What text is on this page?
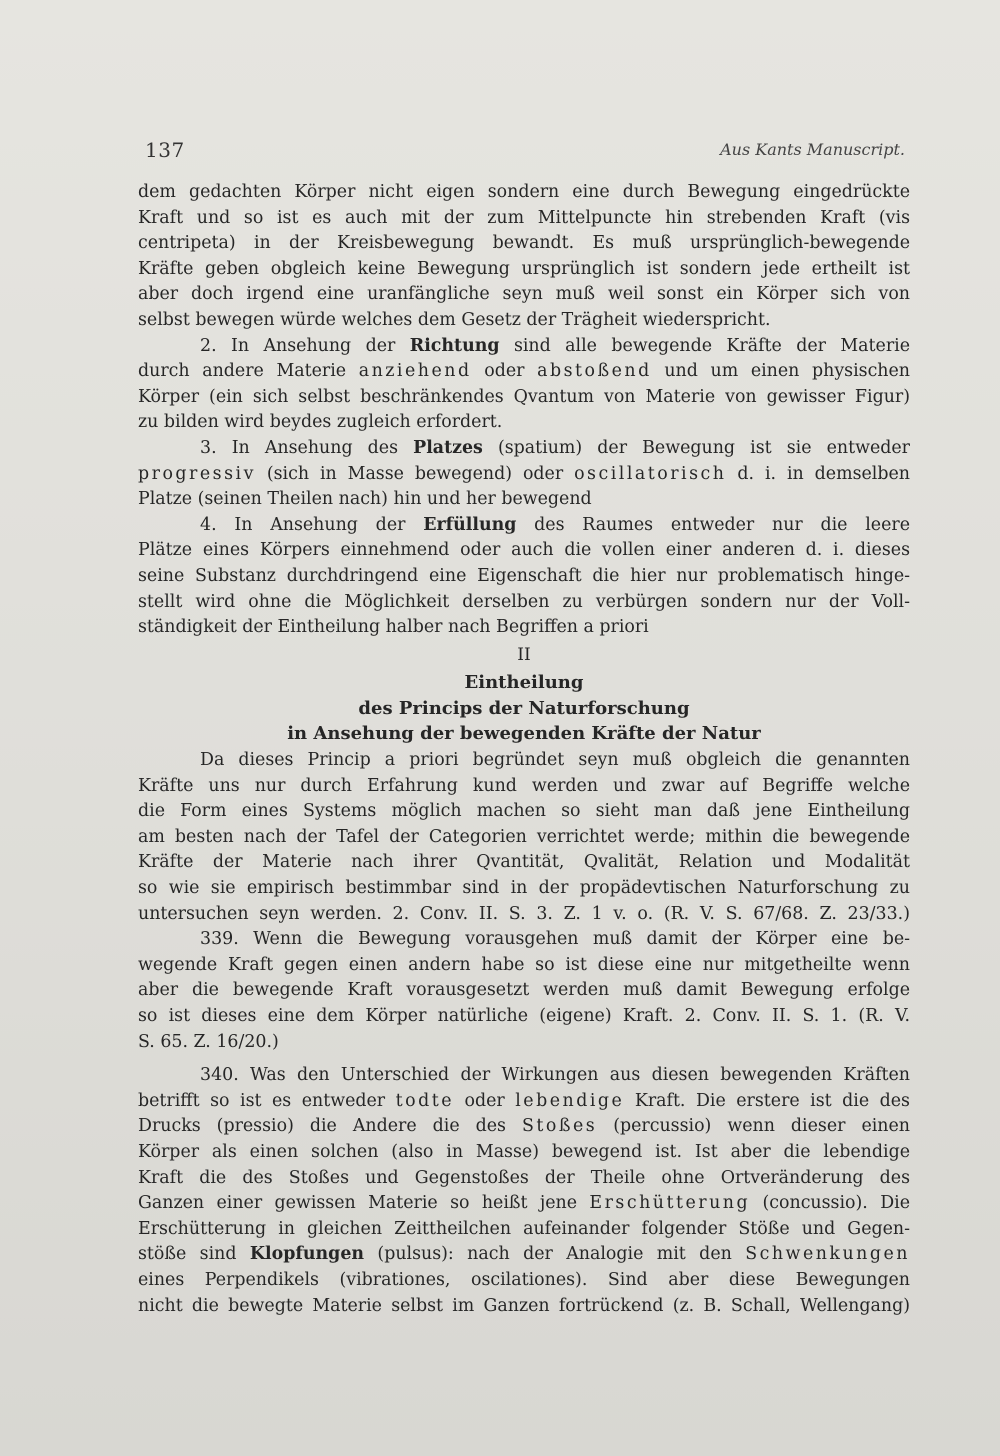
137	Aus Kants Manuscript.

dem gedachten Körper nicht eigen sondern eine durch Bewegung eingedrückte
Kraft und so ist es auch mit der zum Mittelpuncte hin strebenden Kraft (vis
centripeta) in der Kreisbewegung bewandt. Es muß ursprünglich-bewegende
Kräfte geben obgleich keine Bewegung ursprünglich ist sondern jede ertheilt ist
aber doch irgend eine uranfängliche seyn muß weil sonst ein Körper sich von
selbst bewegen würde welches dem Gesetz der Trägheit wiederspricht.

2. In Ansehung der Richtung sind alle bewegende Kräfte der Materie
durch andere Materie anziehend oder abstoßend und um einen physischen
Körper (ein sich selbst beschränkendes Qvantum von Materie von gewisser Figur)
zu bilden wird beydes zugleich erfordert.

3. In Ansehung des Platzes (spatium) der Bewegung ist sie entweder
progressiv (sich in Masse bewegend) oder oscillatorisch d. i. in demselben
Platze (seinen Theilen nach) hin und her bewegend

4. In Ansehung der Erfüllung des Raumes entweder nur die leere
Plätze eines Körpers einnehmend oder auch die vollen einer anderen d. i. dieses
seine Substanz durchdringend eine Eigenschaft die hier nur problematisch hinge-
stellt wird ohne die Möglichkeit derselben zu verbürgen sondern nur der Voll-
ständigkeit der Eintheilung halber nach Begriffen a priori

II
Eintheilung
des Princips der Naturforschung
in Ansehung der bewegenden Kräfte der Natur

Da dieses Princip a priori begründet seyn muß obgleich die genannten
Kräfte uns nur durch Erfahrung kund werden und zwar auf Begriffe welche
die Form eines Systems möglich machen so sieht man daß jene Eintheilung
am besten nach der Tafel der Categorien verrichtet werde; mithin die bewegende
Kräfte der Materie nach ihrer Qvantität, Qvalität, Relation und Modalität
so wie sie empirisch bestimmbar sind in der propädevtischen Naturforschung zu
untersuchen seyn werden. 2. Conv. II. S. 3. Z. 1 v. o. (R. V. S. 67/68. Z. 23/33.)

339. Wenn die Bewegung vorausgehen muß damit der Körper eine be-
wegende Kraft gegen einen andern habe so ist diese eine nur mitgetheilte wenn
aber die bewegende Kraft vorausgesetzt werden muß damit Bewegung erfolge
so ist dieses eine dem Körper natürliche (eigene) Kraft. 2. Conv. II. S. 1. (R. V.
S. 65. Z. 16/20.)

340. Was den Unterschied der Wirkungen aus diesen bewegenden Kräften
betrifft so ist es entweder todte oder lebendige Kraft. Die erstere ist die des
Drucks (pressio) die Andere die des Stoßes (percussio) wenn dieser einen
Körper als einen solchen (also in Masse) bewegend ist. Ist aber die lebendige
Kraft die des Stoßes und Gegenstoßes der Theile ohne Ortveränderung des
Ganzen einer gewissen Materie so heißt jene Erschütterung (concussio). Die
Erschütterung in gleichen Zeittheilchen aufeinander folgender Stöße und Gegen-
stöße sind Klopfungen (pulsus): nach der Analogie mit den Schwenkungen
eines Perpendikels (vibrationes, oscilationes). Sind aber diese Bewegungen
nicht die bewegte Materie selbst im Ganzen fortrückend (z. B. Schall, Wellengang)
